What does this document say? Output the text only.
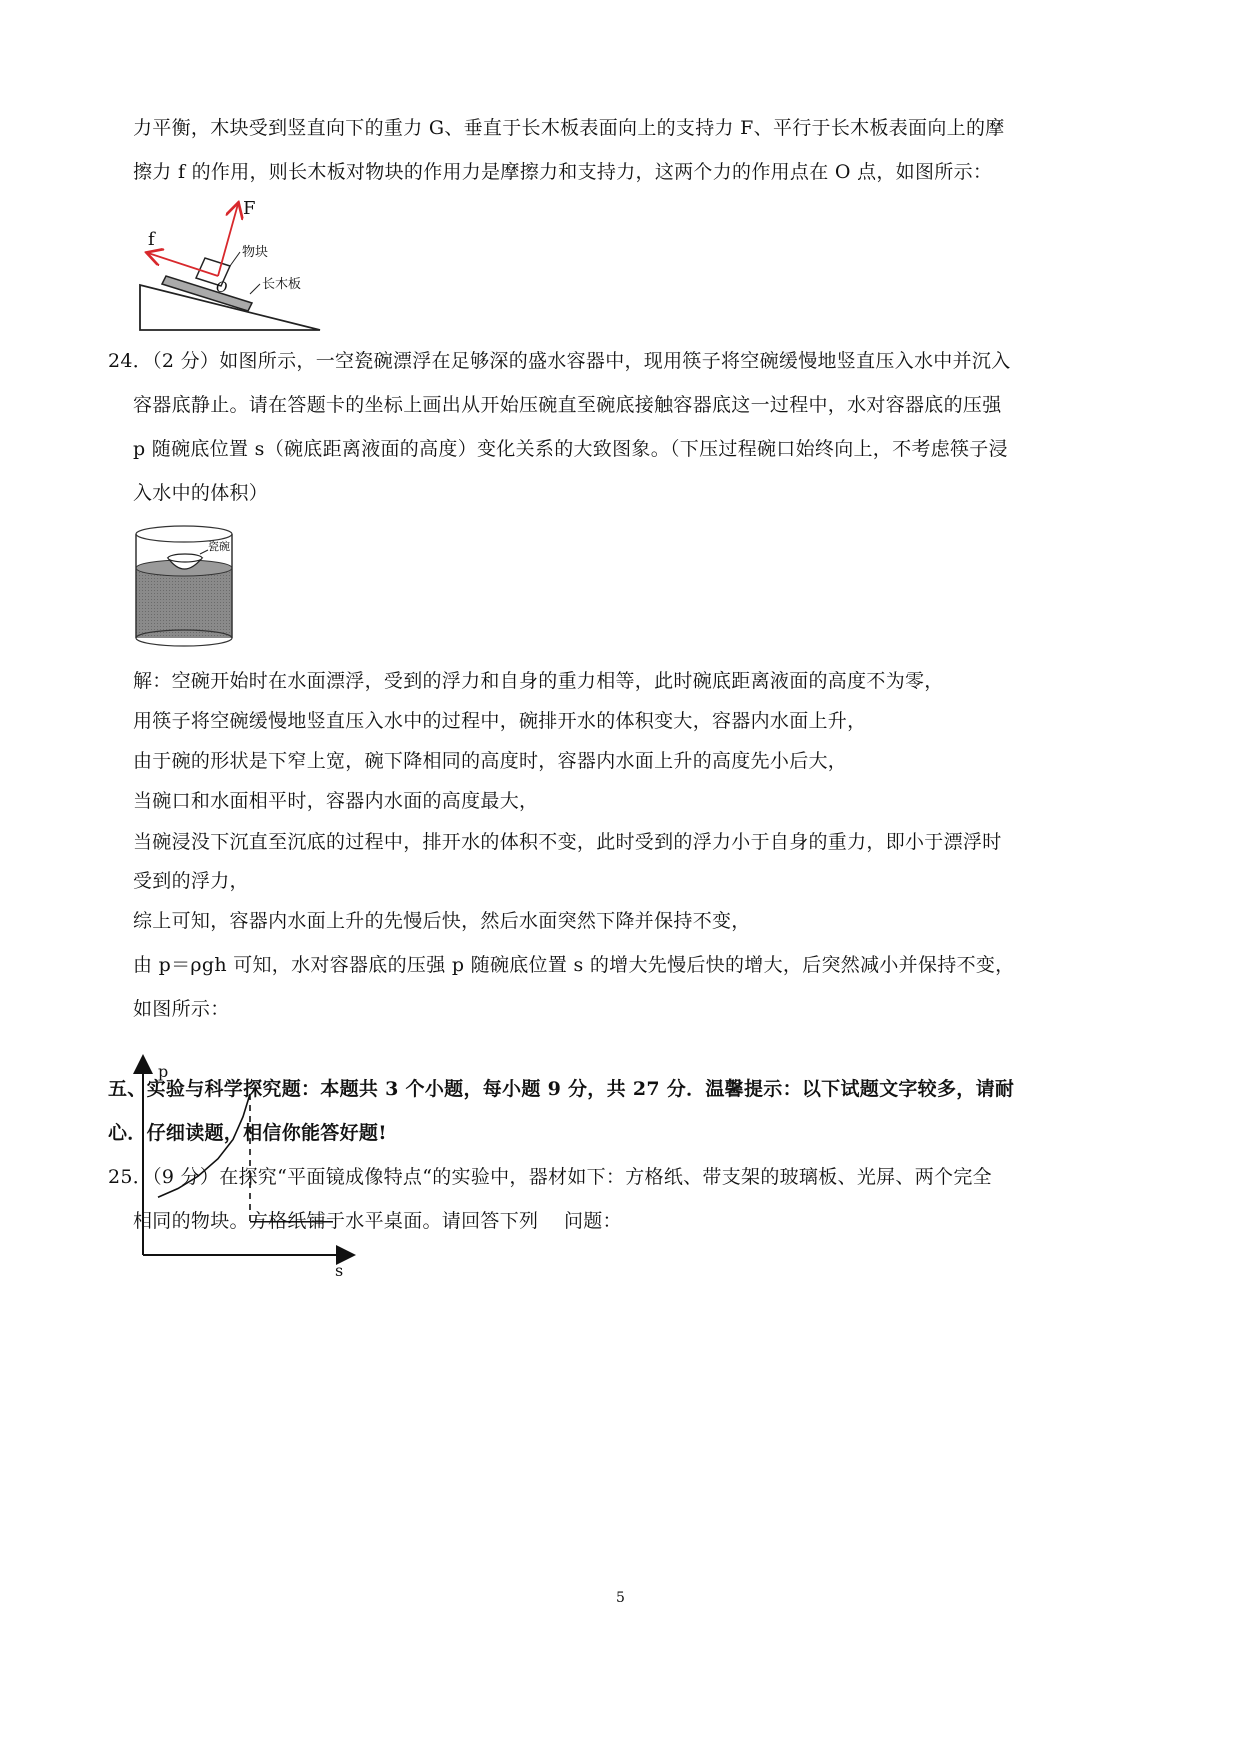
力平衡，木块受到竖直向下的重力 G、垂直于长木板表面向上的支持力 F、平行于长木板表面向上的摩
擦力 f 的作用，则长木板对物块的作用力是摩擦力和支持力，这两个力的作用点在 O 点，如图所示：
F
f
O
物块
长木板
24．（2 分）如图所示，一空瓷碗漂浮在足够深的盛水容器中，现用筷子将空碗缓慢地竖直压入水中并沉入
容器底静止。请在答题卡的坐标上画出从开始压碗直至碗底接触容器底这一过程中，水对容器底的压强
p 随碗底位置 s（碗底距离液面的高度）变化关系的大致图象。（下压过程碗口始终向上，不考虑筷子浸
入水中的体积）
瓷碗
解：空碗开始时在水面漂浮，受到的浮力和自身的重力相等，此时碗底距离液面的高度不为零，
用筷子将空碗缓慢地竖直压入水中的过程中，碗排开水的体积变大，容器内水面上升，
由于碗的形状是下窄上宽，碗下降相同的高度时，容器内水面上升的高度先小后大，
当碗口和水面相平时，容器内水面的高度最大，
当碗浸没下沉直至沉底的过程中，排开水的体积不变，此时受到的浮力小于自身的重力，即小于漂浮时
受到的浮力，
综上可知，容器内水面上升的先慢后快，然后水面突然下降并保持不变，
由 p＝ρgh 可知，水对容器底的压强 p 随碗底位置 s 的增大先慢后快的增大，后突然减小并保持不变，
如图所示：
p
s
五、实验与科学探究题：本题共 3 个小题，每小题 9 分，共 27 分．温馨提示：以下试题文字较多，请耐
心．仔细读题，相信你能答好题!
25．（9 分）在探究“平面镜成像特点“的实验中，器材如下：方格纸、带支架的玻璃板、光屏、两个完全
相同的物块。方格纸铺于水平桌面。请回答下列　 问题：
5
